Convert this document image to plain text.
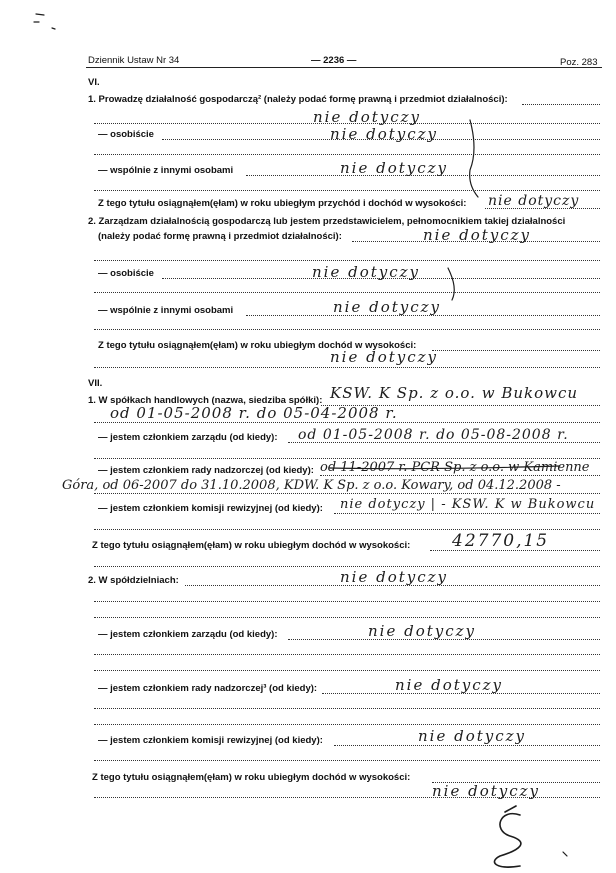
Dziennik Ustaw Nr 34	— 2236 —	Poz. 283
VI.
1. Prowadzę działalność gospodarczą² (należy podać formę prawną i przedmiot działalności):
nie dotyczy
— osobiście	nie dotyczy
— wspólnie z innymi osobami	nie dotyczy
Z tego tytułu osiągnąłem(ęłam) w roku ubiegłym przychód i dochód w wysokości: nie dotyczy
2. Zarządzam działalnością gospodarczą lub jestem przedstawicielem, pełnomocnikiem takiej działalności
(należy podać formę prawną i przedmiot działalności):	nie dotyczy
— osobiście	nie dotyczy
— wspólnie z innymi osobami	nie dotyczy
Z tego tytułu osiągnąłem(ęłam) w roku ubiegłym dochód w wysokości:
nie dotyczy
VII.
1. W spółkach handlowych (nazwa, siedziba spółki): KSW. K Sp. z o.o. w Bukowcu
od 01-05-2008 r. do 05-04-2008 r.
— jestem członkiem zarządu (od kiedy): od 01-05-2008 r. do 05-08-2008 r.
— jestem członkiem rady nadzorczej (od kiedy): od 11-2007 r. PCR Sp. z o.o. w Kamienne
Góra, od 06-2007 do 31.10.2008, KDW. K Sp. z o.o. Kowary, od 04.12.2008 -
— jestem członkiem komisji rewizyjnej (od kiedy): nie dotyczy | - KSW. K w Bukowcu
Z tego tytułu osiągnąłem(ęłam) w roku ubiegłym dochód w wysokości: 42770,15
2. W spółdzielniach:	nie dotyczy
— jestem członkiem zarządu (od kiedy):	nie dotyczy
— jestem członkiem rady nadzorczej³ (od kiedy):	nie dotyczy
— jestem członkiem komisji rewizyjnej (od kiedy):	nie dotyczy
Z tego tytułu osiągnąłem(ęłam) w roku ubiegłym dochód w wysokości:
nie dotyczy
